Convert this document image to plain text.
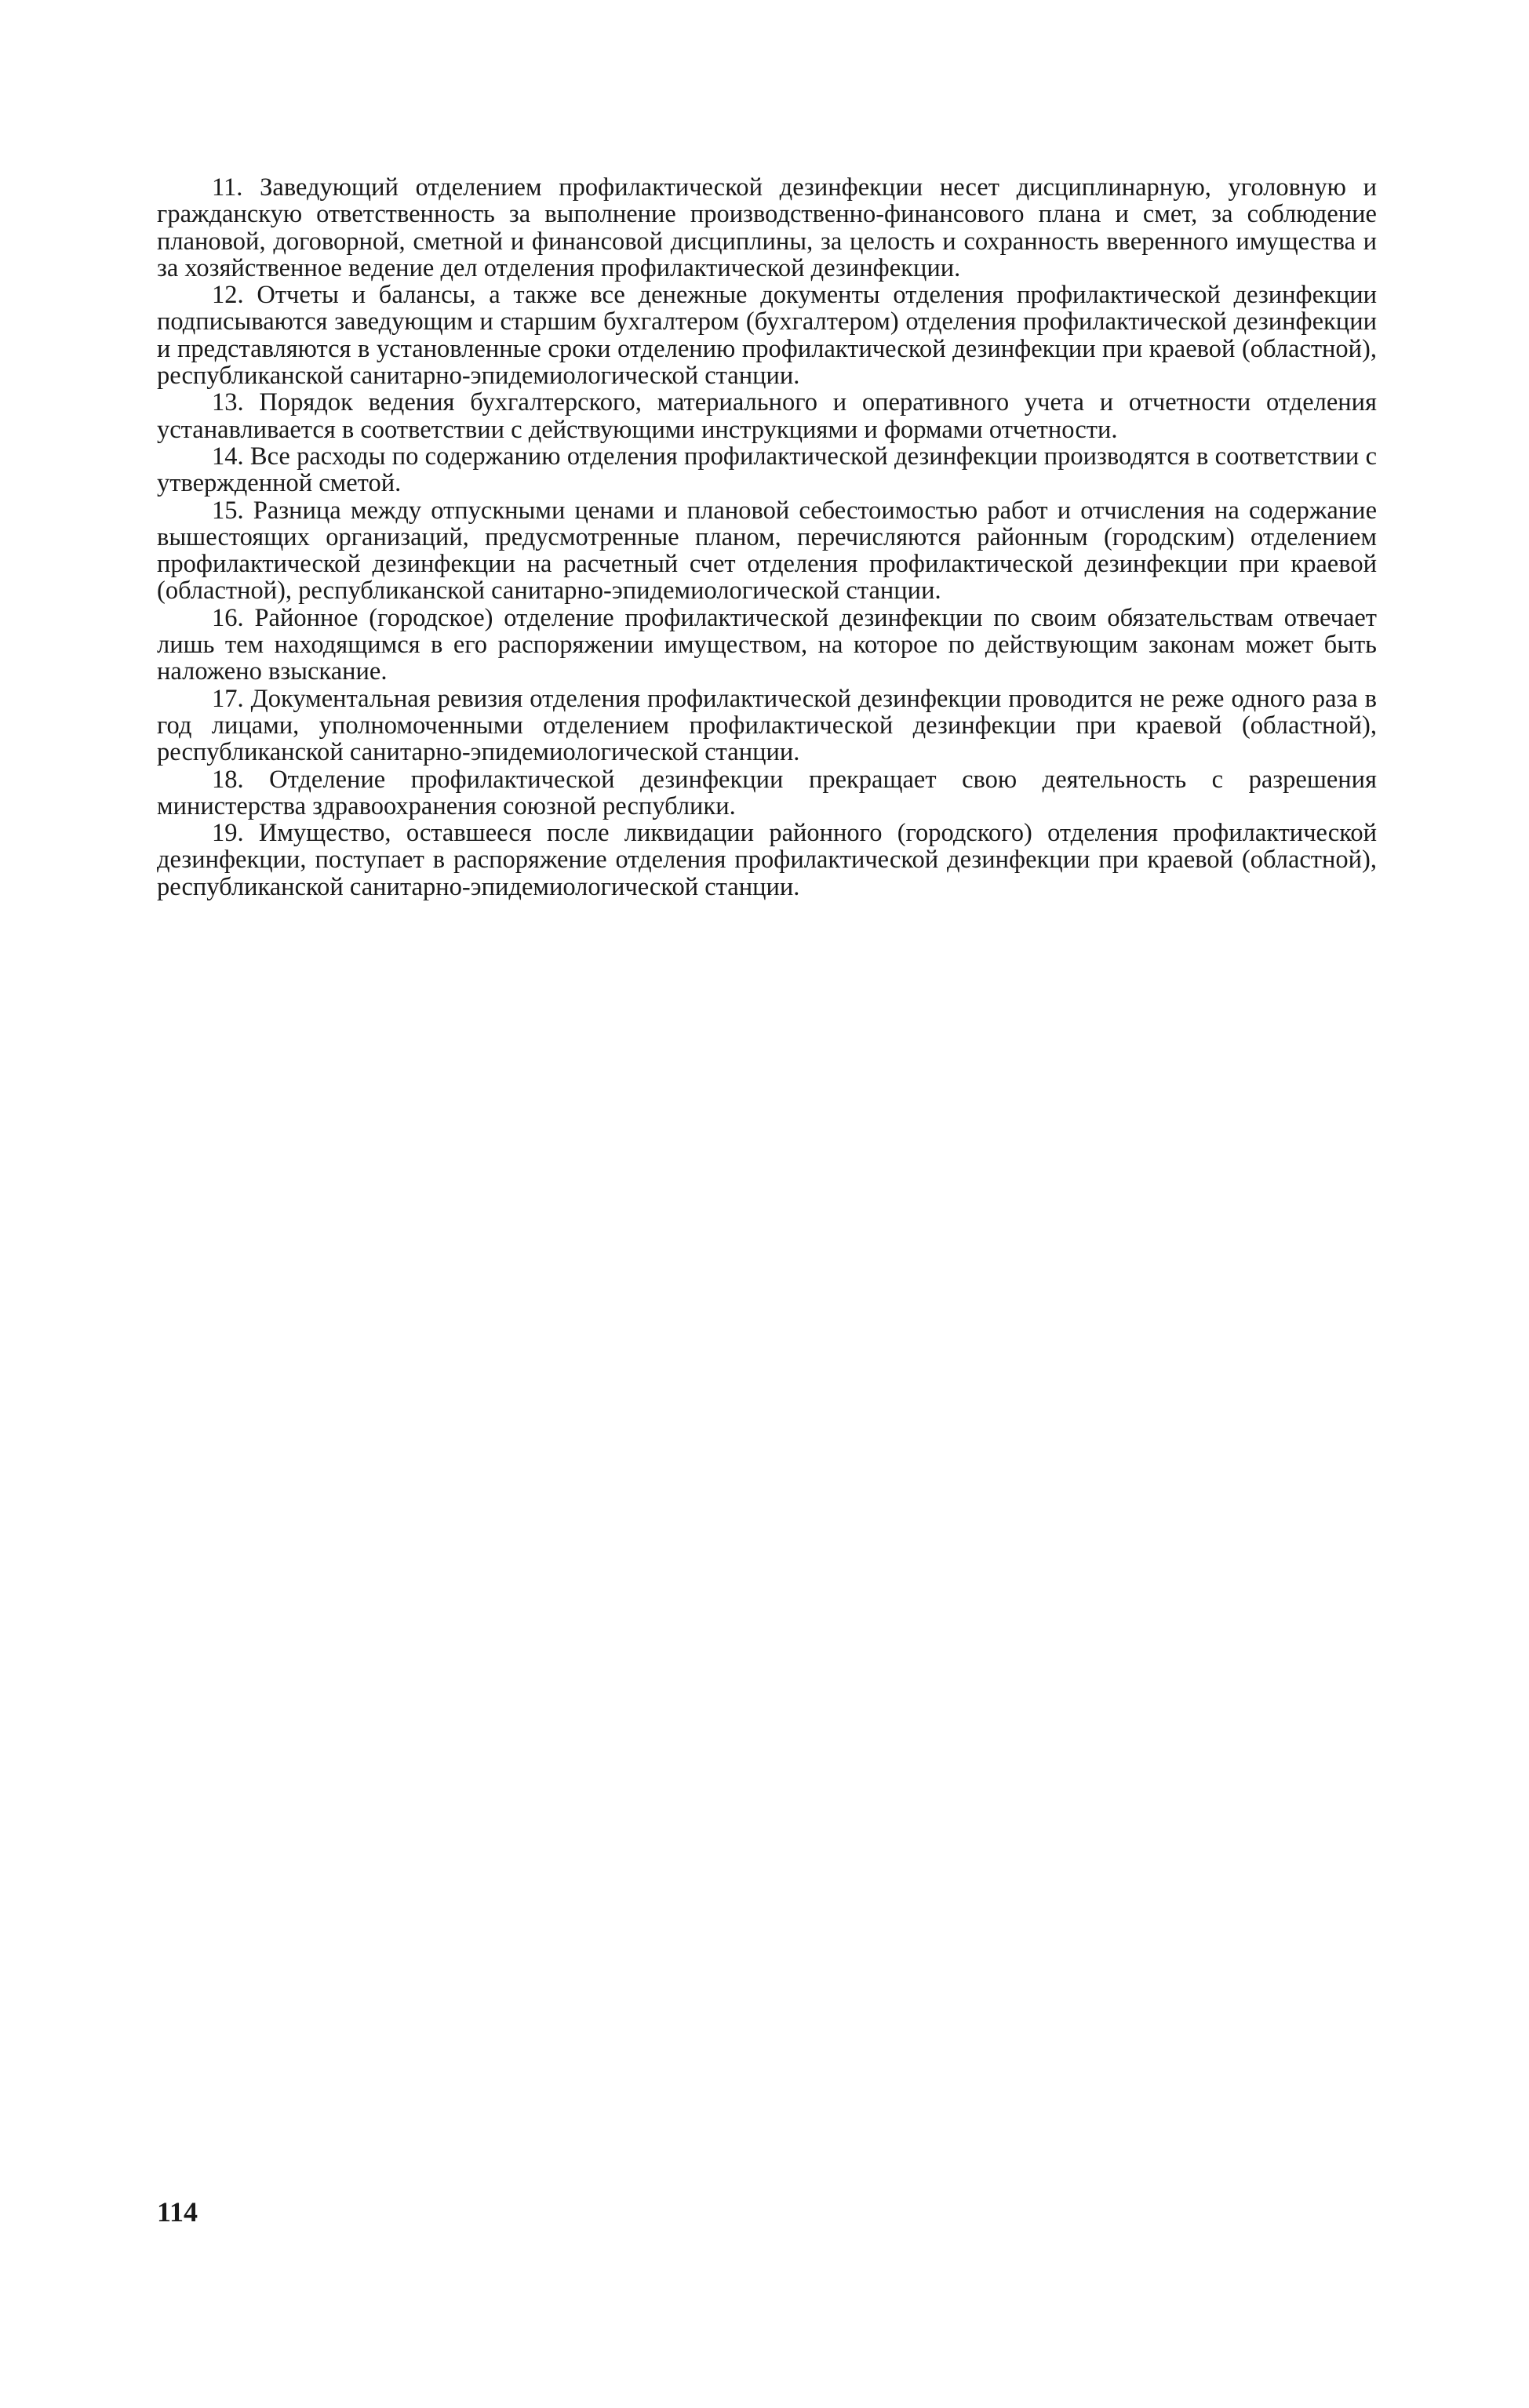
11. Заведующий отделением профилактической дезинфекции несет дисциплинарную, уголовную и гражданскую ответственность за выполнение производственно-финансового плана и смет, за соблюдение плановой, договорной, сметной и финансовой дисциплины, за целость и сохранность вверенного имущества и за хозяйственное ведение дел отделения профилактической дезинфекции.

12. Отчеты и балансы, а также все денежные документы отделения профилактической дезинфекции подписываются заведующим и старшим бухгалтером (бухгалтером) отделения профилактической дезинфекции и представляются в установленные сроки отделению профилактической дезинфекции при краевой (областной), республиканской санитарно-эпидемиологической станции.

13. Порядок ведения бухгалтерского, материального и оперативного учета и отчетности отделения устанавливается в соответствии с действующими инструкциями и формами отчетности.

14. Все расходы по содержанию отделения профилактической дезинфекции производятся в соответствии с утвержденной сметой.

15. Разница между отпускными ценами и плановой себестоимостью работ и отчисления на содержание вышестоящих организаций, предусмотренные планом, перечисляются районным (городским) отделением профилактической дезинфекции на расчетный счет отделения профилактической дезинфекции при краевой (областной), республиканской санитарно-эпидемиологической станции.

16. Районное (городское) отделение профилактической дезинфекции по своим обязательствам отвечает лишь тем находящимся в его распоряжении имуществом, на которое по действующим законам может быть наложено взыскание.

17. Документальная ревизия отделения профилактической дезинфекции проводится не реже одного раза в год лицами, уполномоченными отделением профилактической дезинфекции при краевой (областной), республиканской санитарно-эпидемиологической станции.

18. Отделение профилактической дезинфекции прекращает свою деятельность с разрешения министерства здравоохранения союзной республики.

19. Имущество, оставшееся после ликвидации районного (городского) отделения профилактической дезинфекции, поступает в распоряжение отделения профилактической дезинфекции при краевой (областной), республиканской санитарно-эпидемиологической станции.

114
